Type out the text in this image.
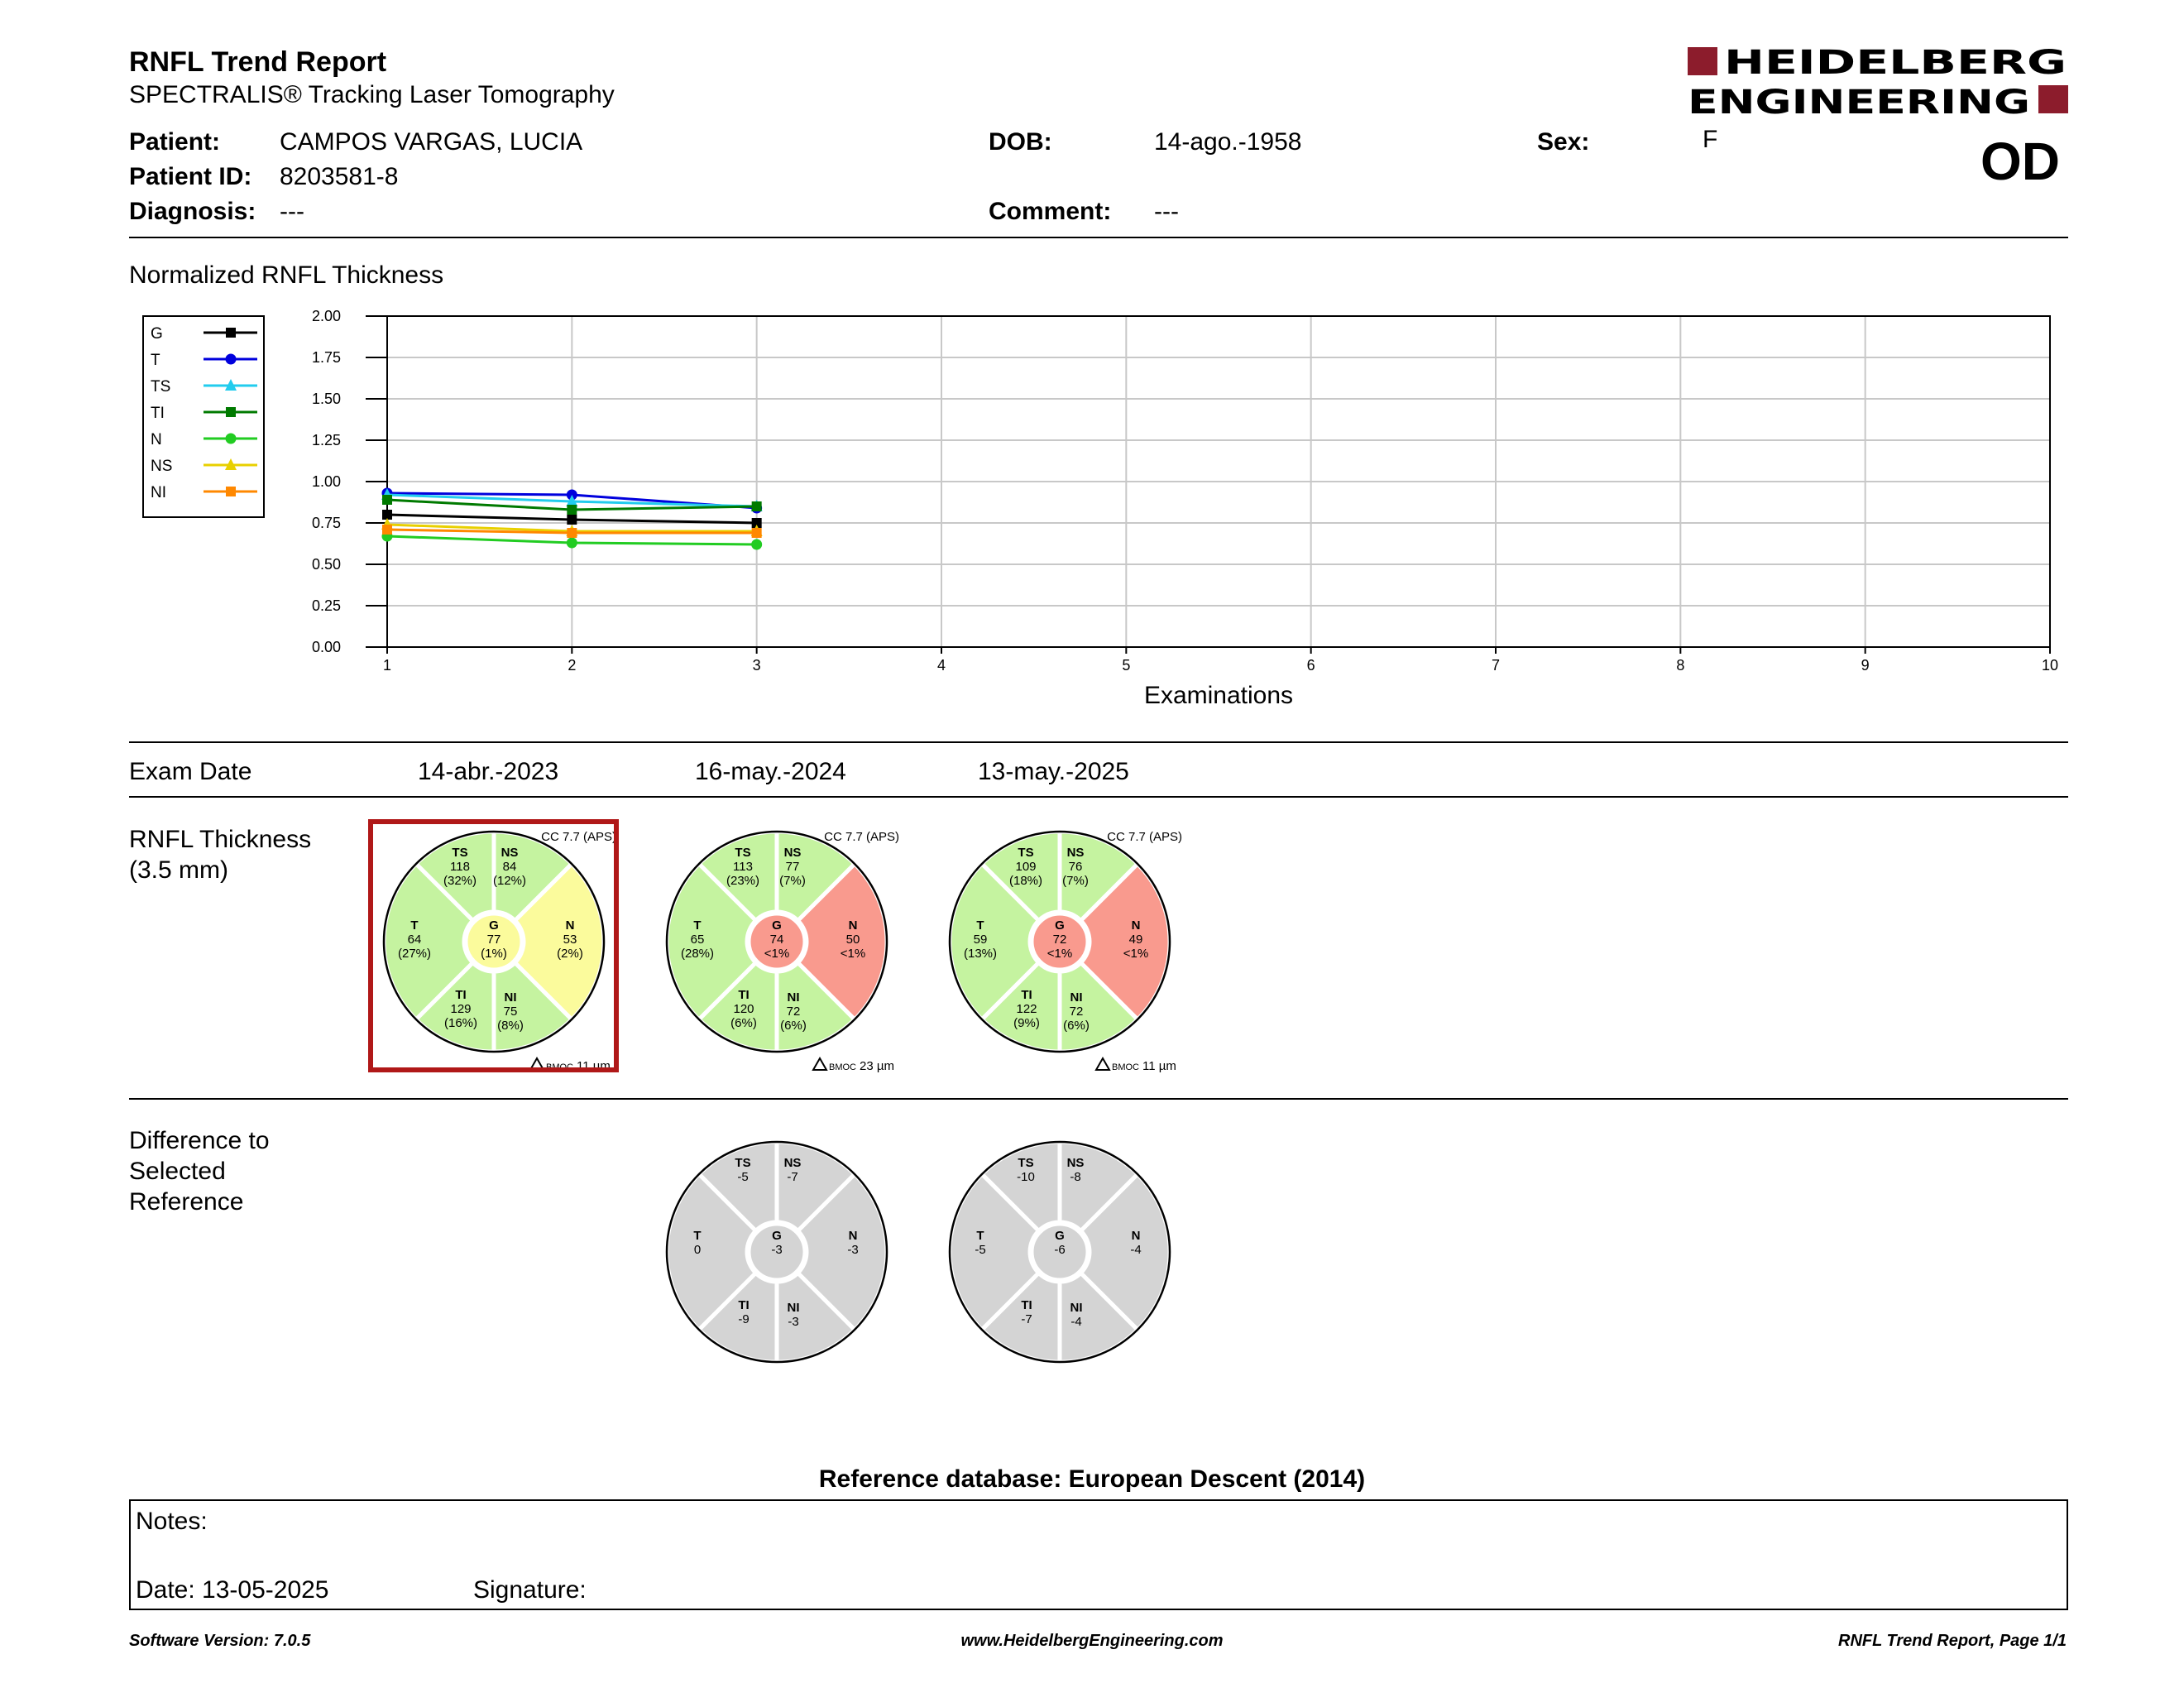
RNFL Trend Report
SPECTRALIS® Tracking Laser Tomography
HEIDELBERG
ENGINEERING
OD
Patient: CAMPOS VARGAS, LUCIA
Patient ID: 8203581-8
Diagnosis: ---
DOB:	14-ago.-1958
Comment: ---
Sex:	F
Normalized RNFL Thickness
1	2	3	4	5	6	7	8	9	10
0.00
0.25
0.50
0.75
1.00
1.25
1.50
1.75
2.00
Examinations
G
T
TS
TI
N
NS
NI
Exam Date	14-abr.-2023	16-may.-2024	13-may.-2025
RNFL Thickness
(3.5 mm)
TS
118
(32%)
NS
84
(12%)
T
64
(27%)
N
53
(2%)
TI
129
(16%)
NI
75
(8%)
G
77
(1%)
CC 7.7 (APS)
BMOC 11 µm
TS
113
(23%)
NS
77
(7%)
T
65
(28%)
N
50
<1%
TI
120
(6%)
NI
72
(6%)
G
74
<1%
CC 7.7 (APS)
BMOC 23 µm
TS
109
(18%)
NS
76
(7%)
T
59
(13%)
N
49
<1%
TI
122
(9%)
NI
72
(6%)
G
72
<1%
CC 7.7 (APS)
BMOC 11 µm
Difference to
Selected
Reference
TS
-5
NS
-7
T
0
N
-3
TI
-9
NI
-3
G
-3
TS
-10
NS
-8
T
-5
N
-4
TI
-7
NI
-4
G
-6
Reference database: European Descent (2014)
Notes:
Date: 13-05-2025	Signature:
Software Version: 7.0.5	www.HeidelbergEngineering.com	RNFL Trend Report, Page 1/1
